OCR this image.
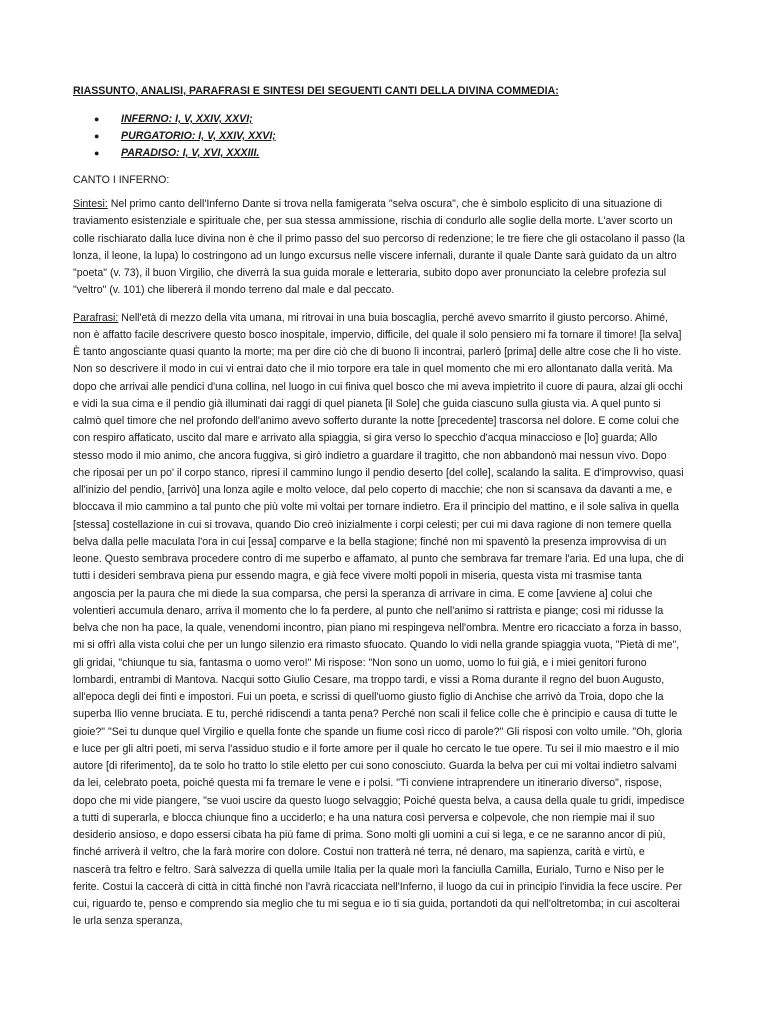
RIASSUNTO, ANALISI, PARAFRASI E SINTESI DEI SEGUENTI CANTI DELLA DIVINA COMMEDIA:
● INFERNO: I, V, XXIV, XXVI;
● PURGATORIO: I, V, XXIV, XXVI;
● PARADISO: I, V, XVI, XXXIII.
CANTO I INFERNO:

Sintesi: Nel primo canto dell'Inferno Dante si trova nella famigerata "selva oscura", che è simbolo esplicito di una situazione di traviamento esistenziale e spirituale che, per sua stessa ammissione, rischia di condurlo alle soglie della morte. L'aver scorto un colle rischiarato dalla luce divina non è che il primo passo del suo percorso di redenzione; le tre fiere che gli ostacolano il passo (la lonza, il leone, la lupa) lo costringono ad un lungo excursus nelle viscere infernali, durante il quale Dante sarà guidato da un altro "poeta" (v. 73), il buon Virgilio, che diverrà la sua guida morale e letteraria, subito dopo aver pronunciato la celebre profezia sul "veltro" (v. 101) che libererà il mondo terreno dal male e dal peccato.

Parafrasi: Nell'età di mezzo della vita umana, mi ritrovai in una buia boscaglia, perché avevo smarrito il giusto percorso. Ahimé, non è affatto facile descrivere questo bosco inospitale, impervio, difficile, del quale il solo pensiero mi fa tornare il timore! [la selva] È tanto angosciante quasi quanto la morte; ma per dire ciò che di buono lì incontrai, parlerò [prima] delle altre cose che lì ho viste. Non so descrivere il modo in cui vi entrai dato che il mio torpore era tale in quel momento che mi ero allontanato dalla verità. Ma dopo che arrivai alle pendici d'una collina, nel luogo in cui finiva quel bosco che mi aveva impietrito il cuore di paura, alzai gli occhi e vidi la sua cima e il pendio già illuminati dai raggi di quel pianeta [il Sole] che guida ciascuno sulla giusta via. A quel punto si calmò quel timore che nel profondo dell'animo avevo sofferto durante la notte [precedente] trascorsa nel dolore. E come colui che con respiro affaticato, uscito dal mare e arrivato alla spiaggia, si gira verso lo specchio d'acqua minaccioso e [lo] guarda; Allo stesso modo il mio animo, che ancora fuggiva, si girò indietro a guardare il tragitto, che non abbandonò mai nessun vivo. Dopo che riposai per un po' il corpo stanco, ripresi il cammino lungo il pendio deserto [del colle], scalando la salita. E d'improvviso, quasi all'inizio del pendio, [arrivò] una lonza agile e molto veloce, dal pelo coperto di macchie; che non si scansava da davanti a me, e bloccava il mio cammino a tal punto che più volte mi voltai per tornare indietro. Era il principio del mattino, e il sole saliva in quella [stessa] costellazione in cui si trovava, quando Dio creò inizialmente i corpi celesti; per cui mi dava ragione di non temere quella belva dalla pelle maculata l'ora in cui [essa] comparve e la bella stagione; finché non mi spaventò la presenza improvvisa di un leone. Questo sembrava procedere contro di me superbo e affamato, al punto che sembrava far tremare l'aria. Ed una lupa, che di tutti i desideri sembrava piena pur essendo magra, e già fece vivere molti popoli in miseria, questa vista mi trasmise tanta angoscia per la paura che mi diede la sua comparsa, che persi la speranza di arrivare in cima. E come [avviene a] colui che volentieri accumula denaro, arriva il momento che lo fa perdere, al punto che nell'animo si rattrista e piange; così mi ridusse la belva che non ha pace, la quale, venendomi incontro, pian piano mi respingeva nell'ombra. Mentre ero ricacciato a forza in basso, mi si offrì alla vista colui che per un lungo silenzio era rimasto sfuocato. Quando lo vidi nella grande spiaggia vuota, "Pietà di me", gli gridai, "chiunque tu sia, fantasma o uomo vero!" Mi rispose: "Non sono un uomo, uomo lo fui già, e i miei genitori furono lombardi, entrambi di Mantova. Nacqui sotto Giulio Cesare, ma troppo tardi, e vissi a Roma durante il regno del buon Augusto, all'epoca degli dei finti e impostori. Fui un poeta, e scrissi di quell'uomo giusto figlio di Anchise che arrivò da Troia, dopo che la superba Ilio venne bruciata. E tu, perché ridiscendi a tanta pena? Perché non scali il felice colle che è principio e causa di tutte le gioie?" "Sei tu dunque quel Virgilio e quella fonte che spande un fiume così ricco di parole?" Gli risposi con volto umile. "Oh, gloria e luce per gli altri poeti, mi serva l'assiduo studio e il forte amore per il quale ho cercato le tue opere. Tu sei il mio maestro e il mio autore [di riferimento], da te solo ho tratto lo stile eletto per cui sono conosciuto. Guarda la belva per cui mi voltai indietro salvami da lei, celebrato poeta, poiché questa mi fa tremare le vene e i polsi. "Ti conviene intraprendere un itinerario diverso", rispose, dopo che mi vide piangere, "se vuoi uscire da questo luogo selvaggio; Poiché questa belva, a causa della quale tu gridi, impedisce a tutti di superarla, e blocca chiunque fino a ucciderlo; e ha una natura così perversa e colpevole, che non riempie mai il suo desiderio ansioso, e dopo essersi cibata ha più fame di prima. Sono molti gli uomini a cui si lega, e ce ne saranno ancor di più, finché arriverà il veltro, che la farà morire con dolore. Costui non tratterà né terra, né denaro, ma sapienza, carità e virtù, e nascerà tra feltro e feltro. Sarà salvezza di quella umile Italia per la quale morì la fanciulla Camilla, Eurialo, Turno e Niso per le ferite. Costui la caccerà di città in città finché non l'avrà ricacciata nell'Inferno, il luogo da cui in principio l'invidia la fece uscire. Per cui, riguardo te, penso e comprendo sia meglio che tu mi segua e io ti sia guida, portandoti da qui nell'oltretomba; in cui ascolterai le urla senza speranza,
